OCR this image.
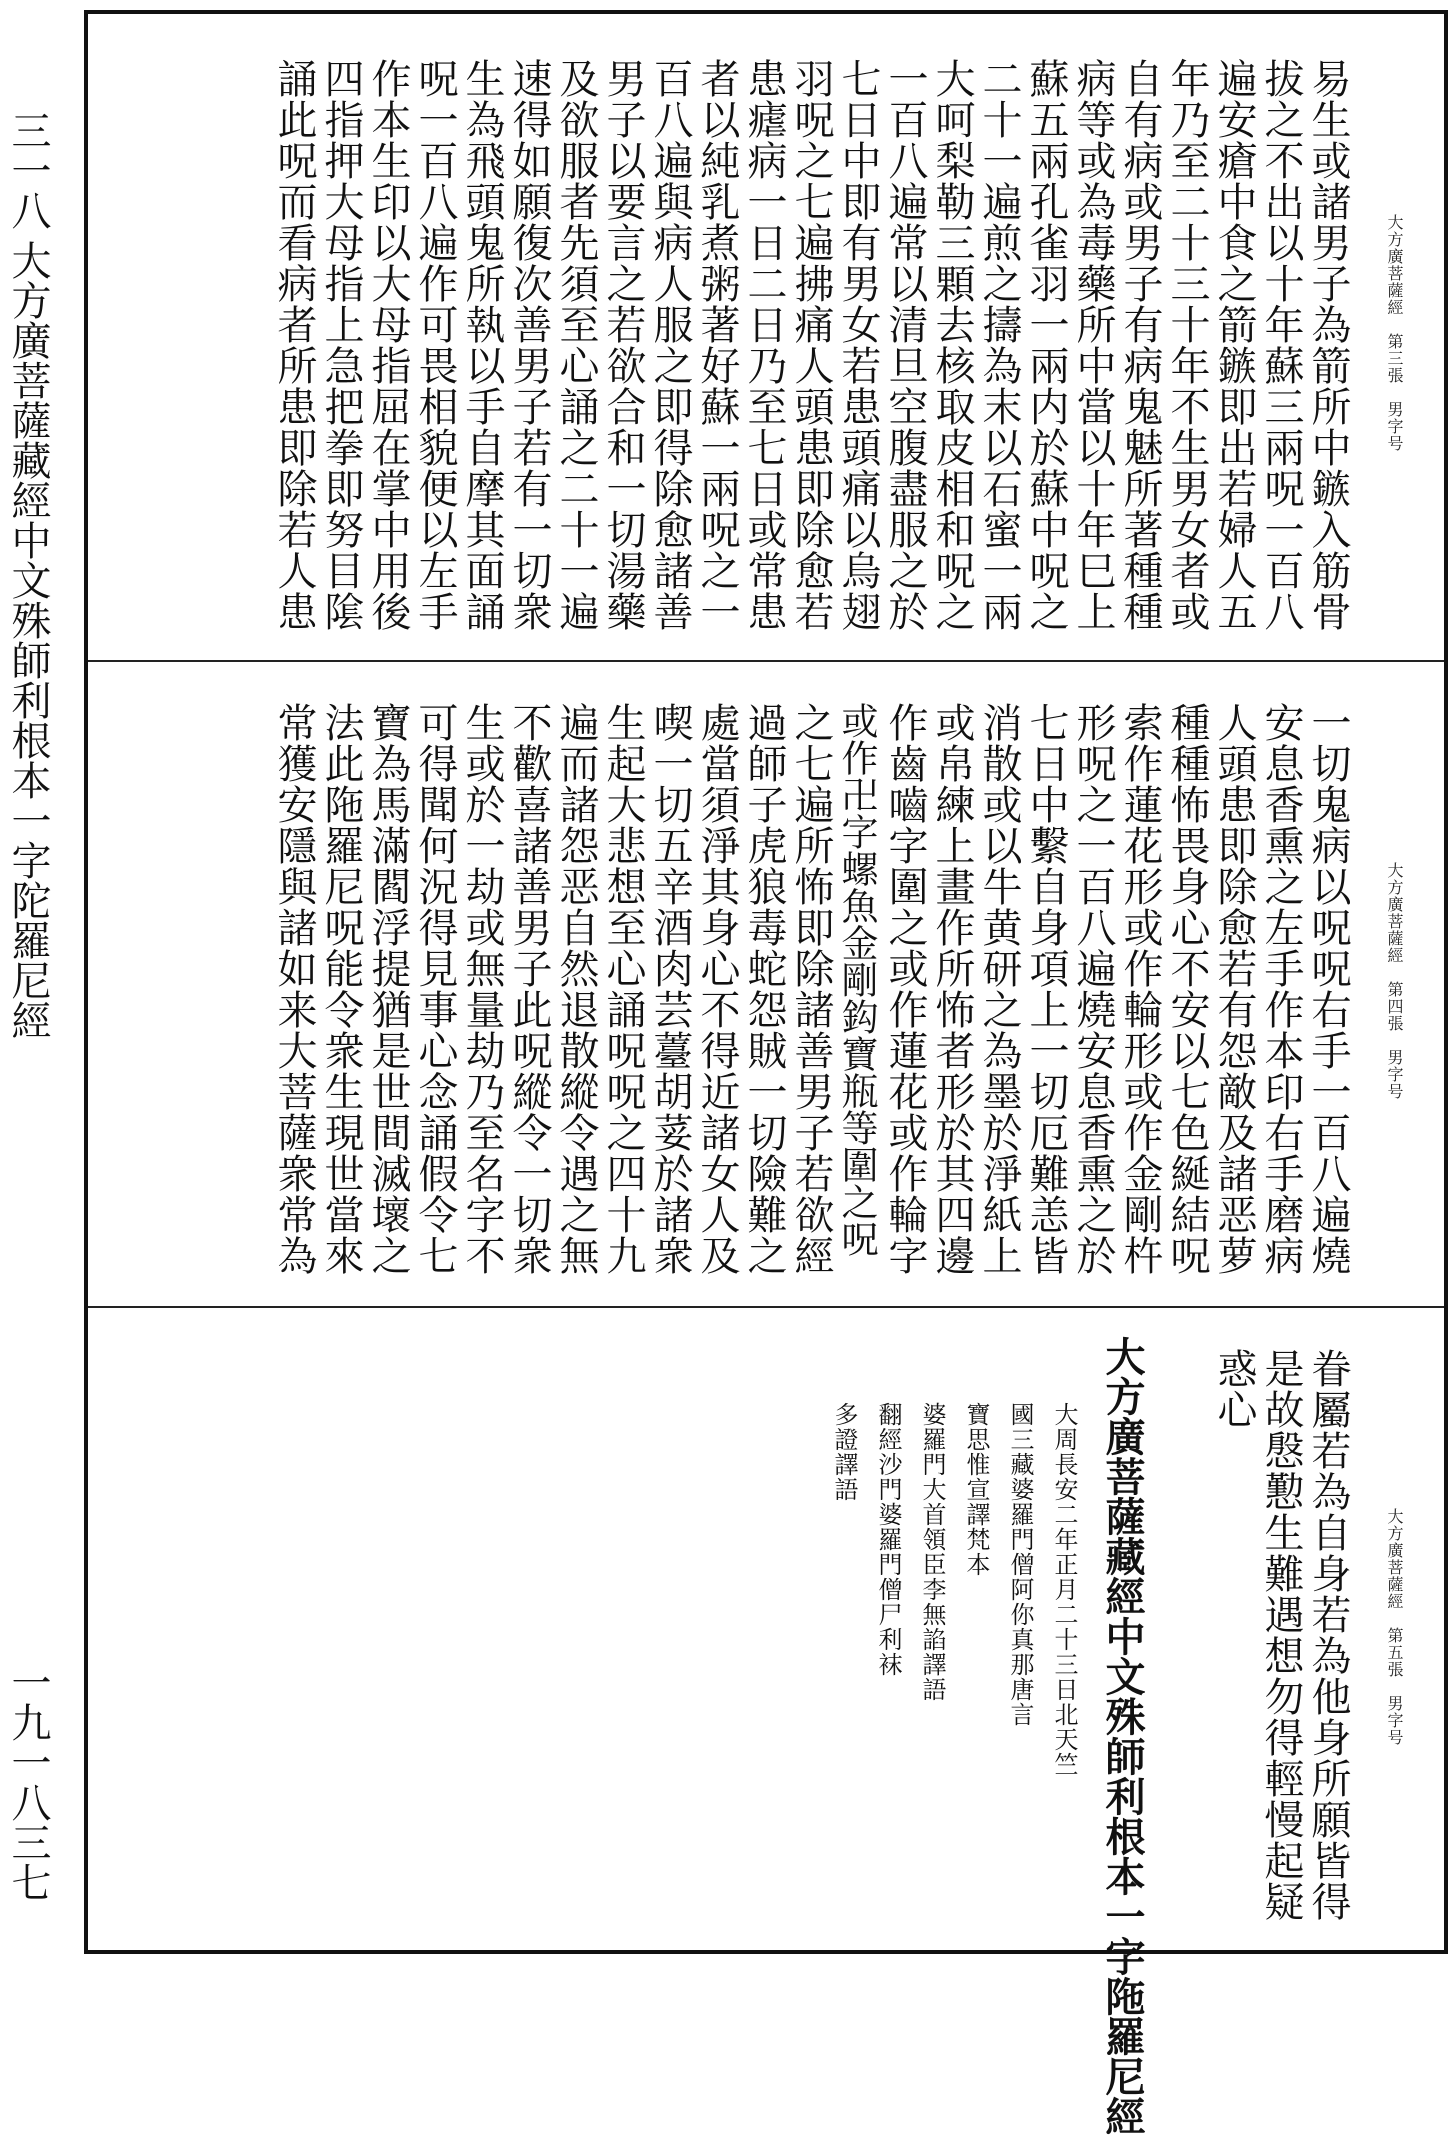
三一八
大方廣菩薩藏經中文殊師利根本一字陀羅尼經
一九一八三七
大方廣菩薩經　第三張　男字号
易生或諸男子為箭所中鏃入筋骨
拔之不出以十年蘇三兩呪一百八
遍安瘡中食之箭鏃即出若婦人五
年乃至二十三十年不生男女者或
自有病或男子有病鬼魅所著種種
病等或為毒藥所中當以十年巳上
蘇五兩孔雀羽一兩内於蘇中呪之
二十一遍煎之擣為末以石蜜一兩
大呵梨勒三顆去核取皮相和呪之
一百八遍常以清旦空腹盡服之於
七日中即有男女若患頭痛以烏翅
羽呪之七遍拂痛人頭患即除愈若
患瘧病一日二日乃至七日或常患
者以純乳煮粥著好蘇一兩呪之一
百八遍與病人服之即得除愈諸善
男子以要言之若欲合和一切湯藥
及欲服者先須至心誦之二十一遍
速得如願復次善男子若有一切衆
生為飛頭鬼所執以手自摩其面誦
呪一百八遍作可畏相貌便以左手
作本生印以大母指屈在掌中用後
四指押大母指上急把拳即努目隂
誦此呪而看病者所患即除若人患
大方廣菩薩經　第四張　男字号
一切鬼病以呪呪右手一百八遍燒
安息香熏之左手作本印右手磨病
人頭患即除愈若有怨敵及諸恶萝
種種怖畏身心不安以七色綖結呪
索作蓮花形或作輪形或作金剛杵
形呪之一百八遍燒安息香熏之於
七日中繫自身項上一切厄難恙皆
消散或以牛黄研之為墨於淨紙上
或帛練上畫作所怖者形於其四邊
作齒嚙字圍之或作蓮花或作輪字
或作卍字螺魚金剛鈎寶瓶等圍之呪
之七遍所怖即除諸善男子若欲經
過師子虎狼毒蛇怨賊一切險難之
處當須淨其身心不得近諸女人及
喫一切五辛酒肉芸薹胡荽於諸衆
生起大悲想至心誦呪呪之四十九
遍而諸怨恶自然退散縱令遇之無
不歡喜諸善男子此呪縱令一切衆
生或於一劫或無量劫乃至名字不
可得聞何況得見事心念誦假令七
寶為馬滿閻浮提猶是世間滅壞之
法此陁羅尼呪能令衆生現世當來
常獲安隱與諸如来大菩薩衆常為
大方廣菩薩經　第五張　男字号
眷屬若為自身若為他身所願皆得
是故慇懃生難遇想勿得輕慢起疑
惑心
大方廣菩薩藏經中文殊師利根本一字陁羅尼經
大周長安二年正月二十三日北天竺
國三藏婆羅門僧阿你真那唐言
寶思惟宣譯梵本
婆羅門大首領臣李無諂譯語
翻經沙門婆羅門僧尸利袜
多證譯語
